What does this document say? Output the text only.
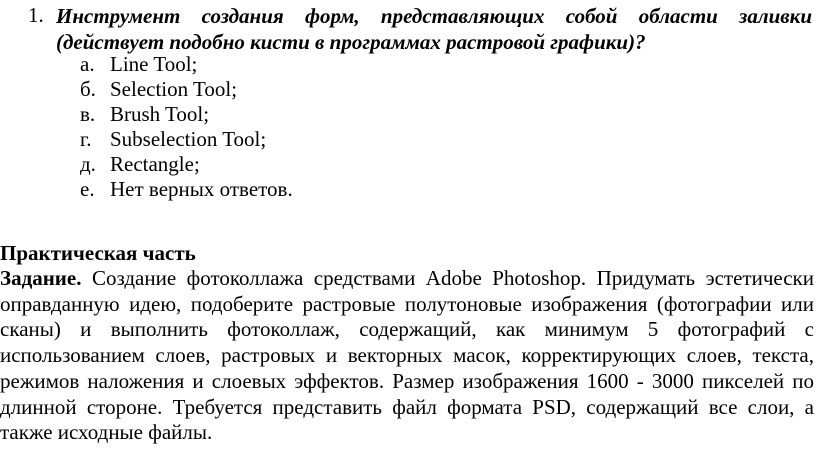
1. Инструмент создания форм, представляющих собой области заливки
(действует подобно кисти в программах растровой графики)?
а. Line Tool;
б. Selection Tool;
в. Brush Tool;
г. Subselection Tool;
д. Rectangle;
е. Нет верных ответов.
Практическая часть
Задание. Создание фотоколлажа средствами Adobe Photoshop. Придумать эстетически оправданную идею, подоберите растровые полутоновые изображения (фотографии или сканы) и выполнить фотоколлаж, содержащий, как минимум 5 фотографий с использованием слоев, растровых и векторных масок, корректирующих слоев, текста, режимов наложения и слоевых эффектов. Размер изображения 1600 - 3000 пикселей по длинной стороне. Требуется представить файл формата PSD, содержащий все слои, а также исходные файлы.
